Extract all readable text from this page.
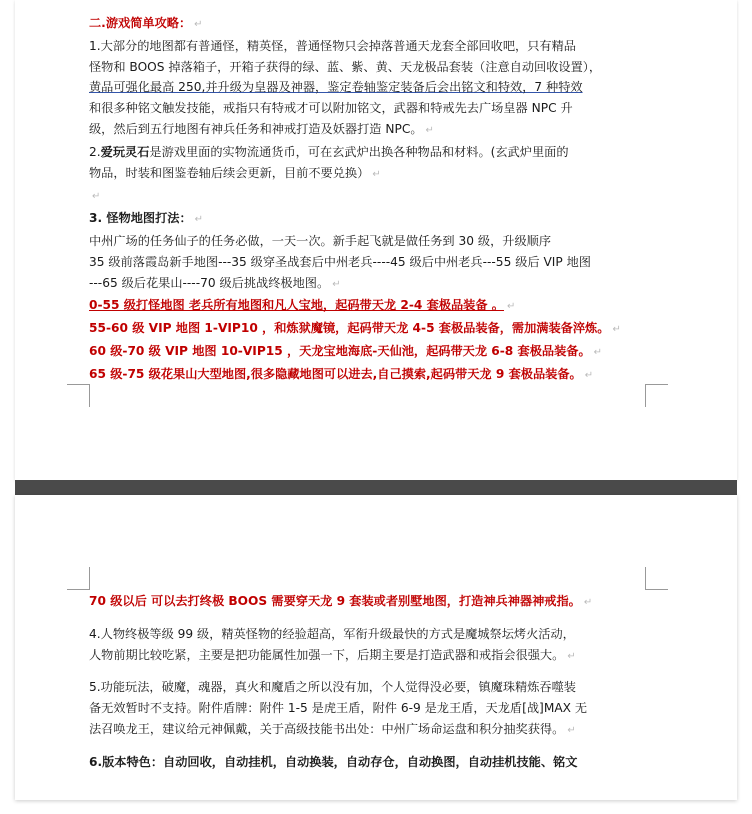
二.游戏简单攻略： ↵
1.大部分的地图都有普通怪，精英怪，普通怪物只会掉落普通天龙套全部回收吧，只有精品
怪物和 BOOS 掉落箱子，开箱子获得的绿、蓝、紫、黄、天龙极品套装（注意自动回收设置），
黄品可强化最高 250,并升级为皇器及神器，鉴定卷轴鉴定装备后会出铭文和特效，7 种特效
和很多种铭文触发技能，戒指只有特戒才可以附加铭文，武器和特戒先去广场皇器 NPC 升
级，然后到五行地图有神兵任务和神戒打造及妖器打造 NPC。 ↵
2.爱玩灵石是游戏里面的实物流通货币，可在玄武炉出换各种物品和材料。(玄武炉里面的
物品，时装和图鉴卷轴后续会更新，目前不要兑换） ↵
↵
3. 怪物地图打法： ↵
中州广场的任务仙子的任务必做，一天一次。新手起飞就是做任务到 30 级，升级顺序
35 级前落霞岛新手地图---35 级穿圣战套后中州老兵----45 级后中州老兵---55 级后 VIP 地图
---65 级后花果山----70 级后挑战终极地图。 ↵
0-55 级打怪地图 老兵所有地图和凡人宝地，起码带天龙 2-4 套极品装备 。 ↵
55-60 级 VIP 地图 1-VIP10 ，和炼狱魔镜，起码带天龙 4-5 套极品装备，需加满装备淬炼。 ↵
60 级-70 级 VIP 地图 10-VIP15 ，天龙宝地海底-天仙池，起码带天龙 6-8 套极品装备。 ↵
65 级-75 级花果山大型地图,很多隐藏地图可以进去,自己摸索,起码带天龙 9 套极品装备。 ↵
70 级以后 可以去打终极 BOOS 需要穿天龙 9 套装或者别墅地图，打造神兵神器神戒指。 ↵
4.人物终极等级 99 级，精英怪物的经验超高，军衔升级最快的方式是魔城祭坛烤火活动，
人物前期比较吃紧，主要是把功能属性加强一下，后期主要是打造武器和戒指会很强大。 ↵
5.功能玩法，破魔，魂器，真火和魔盾之所以没有加，个人觉得没必要，镇魔珠精炼吞噬装
备无效暂时不支持。附件盾牌：附件 1-5 是虎王盾，附件 6-9 是龙王盾，天龙盾[战]MAX 无
法召唤龙王，建议给元神佩戴，关于高级技能书出处：中州广场命运盘和积分抽奖获得。 ↵
6.版本特色：自动回收，自动挂机，自动换装，自动存仓，自动换图，自动挂机技能、铭文
